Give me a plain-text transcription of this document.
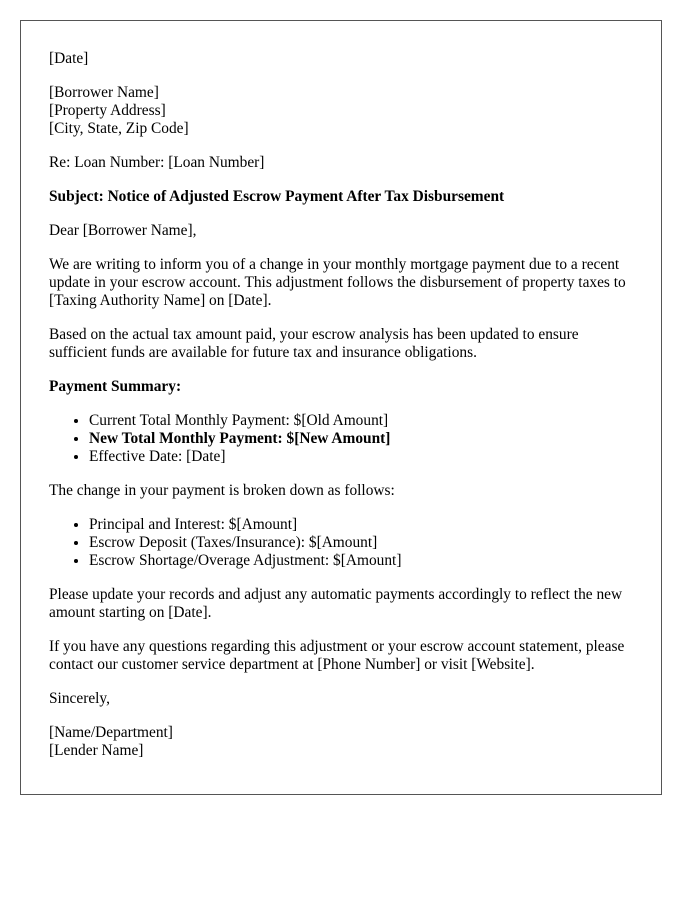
[Date]

[Borrower Name]
[Property Address]
[City, State, Zip Code]

Re: Loan Number: [Loan Number]

Subject: Notice of Adjusted Escrow Payment After Tax Disbursement

Dear [Borrower Name],

We are writing to inform you of a change in your monthly mortgage payment due to a recent update in your escrow account. This adjustment follows the disbursement of property taxes to [Taxing Authority Name] on [Date].

Based on the actual tax amount paid, your escrow analysis has been updated to ensure sufficient funds are available for future tax and insurance obligations.

Payment Summary:

• Current Total Monthly Payment: $[Old Amount]
• New Total Monthly Payment: $[New Amount]
• Effective Date: [Date]

The change in your payment is broken down as follows:

• Principal and Interest: $[Amount]
• Escrow Deposit (Taxes/Insurance): $[Amount]
• Escrow Shortage/Overage Adjustment: $[Amount]

Please update your records and adjust any automatic payments accordingly to reflect the new amount starting on [Date].

If you have any questions regarding this adjustment or your escrow account statement, please contact our customer service department at [Phone Number] or visit [Website].

Sincerely,

[Name/Department]
[Lender Name]
